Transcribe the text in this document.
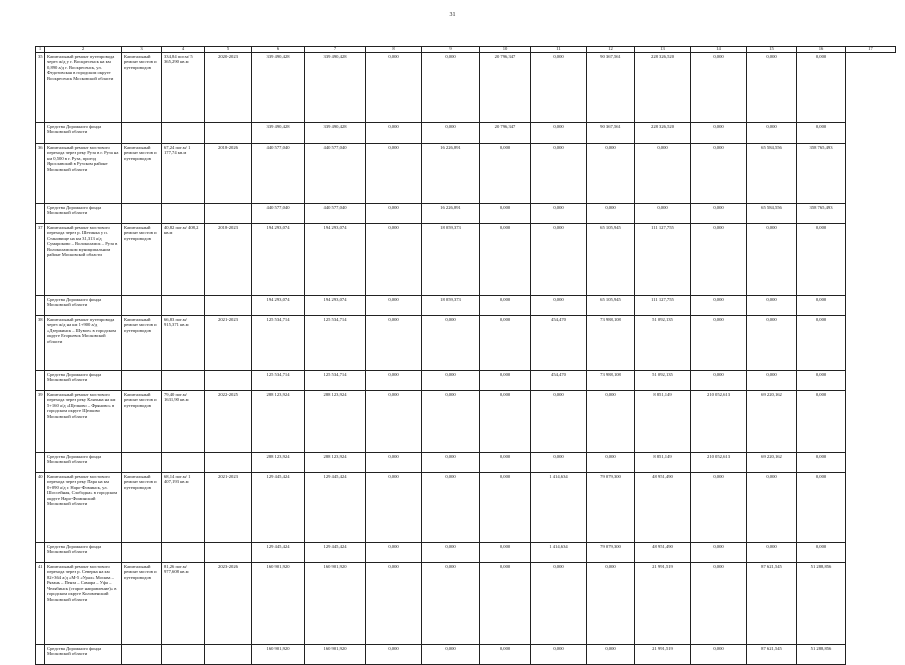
31
1	2	3	4	5	6	7	8	9	10	11	12	13	14	15	16	17
35	Капитальный ремонт путепровода через ж/д у г. Воскресенск на км 0,890 а/д г. Воскресенск, ул. Федотовская в городском округе Воскресенск Московской области	Капитальный ремонт мостов и путепроводов	334,84 пог.м/ 5 365,290 кв.м	2020-2023	339 490,428	339 490,428	0,000	0,000	20 796,347	0,000	90 367,561	228 326,520	0,000	0,000	0,000	
	Средства Дорожного фонда Московской области				339 490,428	339 490,428	0,000	0,000	20 796,347	0,000	90 367,561	228 326,520	0,000	0,000	0,000	
36	Капитальный ремонт мостового перехода через реку Руза в г. Руза на км 0,500 в г. Руза, проезд Ярославский в Рузском районе Московской области	Капитальный ремонт мостов и путепроводов	67,24 пог.м/ 1 177,74 кв.м	2018-2026	440 577,040	440 577,040	0,000	16 226,891	0,000	0,000	0,000	0,000	0,000	65 584,556	358 765,493	
	Средства Дорожного фонда Московской области				440 577,040	440 577,040	0,000	16 226,891	0,000	0,000	0,000	0,000	0,000	65 584,556	358 765,493	
37	Капитальный ремонт мостового перехода через р. Шетинка у п. Становище на км 31,313 а/д Сумароково – Волоколамск – Руза в Волоколамском муниципальном районе Московской области	Капитальный ремонт мостов и путепроводов	40,82 пог.м/ 408,2 кв.м	2018-2023	194 293,074	194 293,074	0,000	18 059,373	0,000	0,000	65 105,945	111 127,755	0,000	0,000	0,000	
	Средства Дорожного фонда Московской области				194 293,074	194 293,074	0,000	18 059,373	0,000	0,000	65 105,945	111 127,755	0,000	0,000	0,000	
38	Капитальный ремонт путепровода через ж/д на км 1+900 а/д «Дзержинск – Шувое» в городском округе Егорьевск Московской области	Капитальный ремонт мостов и путепроводов	66,83 пог.м/ 915,371 кв.м	2021-2023	125 534,714	125 534,714	0,000	0,000	0,000	454,470	73 988,108	51 092,135	0,000	0,000	0,000	
	Средства Дорожного фонда Московской области				125 534,714	125 534,714	0,000	0,000	0,000	454,470	73 988,108	51 092,135	0,000	0,000	0,000	
39	Капитальный ремонт мостового перехода через реку Клязьма на км 5+160 а/д «Щелково – Фряново» в городском округе Щелково Московской области	Капитальный ремонт мостов и путепроводов	79,40 пог.м/ 1631,90 кв.м	2022-2025	288 123,924	288 123,924	0,000	0,000	0,000	0,000	0,000	8 851,149	210 052,613	69 220,162	0,000	
	Средства Дорожного фонда Московской области				288 123,924	288 123,924	0,000	0,000	0,000	0,000	0,000	8 851,149	210 052,613	69 220,162	0,000	
40	Капитальный ремонт мостового перехода через реку Пара на км 0+090 а/д г. Наро-Фоминск, ул. Шоссейная, Слободка» в городском округе Наро-Фоминский Московской области	Капитальный ремонт мостов и путепроводов	68,14 пог.м/ 1 407,193 кв.м	2021-2023	129 445,424	129 445,424	0,000	0,000	0,000	1 414,634	79 079,300	48 951,490	0,000	0,000	0,000	
	Средства Дорожного фонда Московской области				129 445,424	129 445,424	0,000	0,000	0,000	1 414,634	79 079,300	48 951,490	0,000	0,000	0,000	
41	Капитальный ремонт мостового перехода через р. Северка на км 82+364 а/д «М-5 «Урал» Москва – Рязань – Пенза – Самара – Уфа – Челябинск (старое направление)» в городском округе Коломенский Московской области	Капитальный ремонт мостов и путепроводов	81,26 пог.м/ 977,608 кв.м	2023-2026	160 901,920	160 901,920	0,000	0,000	0,000	0,000	0,000	21 991,519	0,000	87 621,545	51 288,856	
	Средства Дорожного фонда Московской области				160 901,920	160 901,920	0,000	0,000	0,000	0,000	0,000	21 991,519	0,000	87 621,545	51 288,856	
